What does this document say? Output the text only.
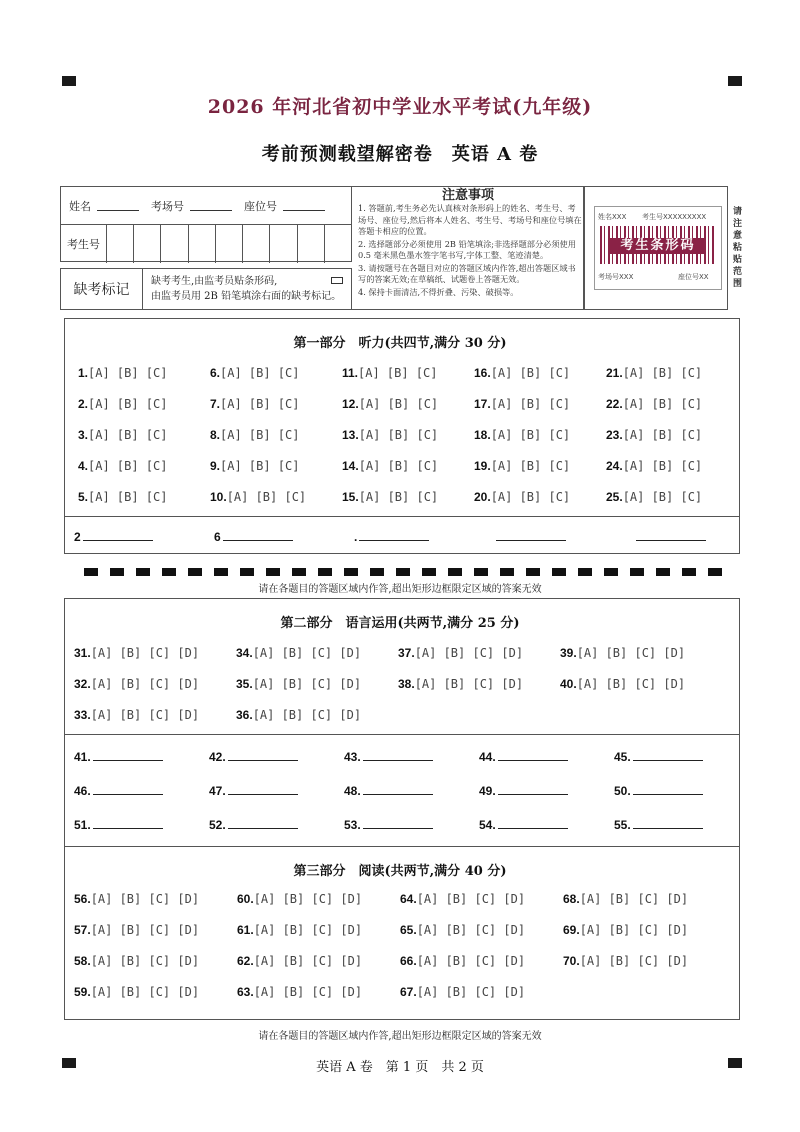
2026 年河北省初中学业水平考试(九年级)
考前预测载望解密卷　英语 A 卷
姓名	考场号	座位号
考生号
缺考标记
缺考考生,由监考员贴条形码,
由监考员用 2B 铅笔填涂右面的缺考标记。
注意事项
1. 答题前,考生务必先认真核对条形码上的姓名、考生号、考场号、座位号,然后将本人姓名、考生号、考场号和座位号填在答题卡相应的位置。
2. 选择题部分必须使用 2B 铅笔填涂;非选择题部分必须使用 0.5 毫米黑色墨水签字笔书写,字体工整、笔迹清楚。
3. 请按题号在各题目对应的答题区域内作答,超出答题区域书写的答案无效;在草稿纸、试题卷上答题无效。
4. 保持卡面清洁,不得折叠、污染、破损等。
姓名XXX 考生号XXXXXXXXX
考生条形码
考场号XXX	座位号XX
请注意粘贴范围
第一部分　听力(共四节,满分 30 分)
1.[A] [B] [C]	6.[A] [B] [C]	11.[A] [B] [C]	16.[A] [B] [C]	21.[A] [B] [C]
2.[A] [B] [C]	7.[A] [B] [C]	12.[A] [B] [C]	17.[A] [B] [C]	22.[A] [B] [C]
3.[A] [B] [C]	8.[A] [B] [C]	13.[A] [B] [C]	18.[A] [B] [C]	23.[A] [B] [C]
4.[A] [B] [C]	9.[A] [B] [C]	14.[A] [B] [C]	19.[A] [B] [C]	24.[A] [B] [C]
5.[A] [B] [C]	10.[A] [B] [C]	15.[A] [B] [C]	20.[A] [B] [C]	25.[A] [B] [C]
2	6	.
请在各题目的答题区域内作答,超出矩形边框限定区域的答案无效
第二部分　语言运用(共两节,满分 25 分)
31.[A] [B] [C] [D]	34.[A] [B] [C] [D]	37.[A] [B] [C] [D]	39.[A] [B] [C] [D]
32.[A] [B] [C] [D]	35.[A] [B] [C] [D]	38.[A] [B] [C] [D]	40.[A] [B] [C] [D]
33.[A] [B] [C] [D]	36.[A] [B] [C] [D]
41.	42.	43.	44.	45.
46.	47.	48.	49.	50.
51.	52.	53.	54.	55.
第三部分　阅读(共两节,满分 40 分)
56.[A] [B] [C] [D]	60.[A] [B] [C] [D]	64.[A] [B] [C] [D]	68.[A] [B] [C] [D]
57.[A] [B] [C] [D]	61.[A] [B] [C] [D]	65.[A] [B] [C] [D]	69.[A] [B] [C] [D]
58.[A] [B] [C] [D]	62.[A] [B] [C] [D]	66.[A] [B] [C] [D]	70.[A] [B] [C] [D]
59.[A] [B] [C] [D]	63.[A] [B] [C] [D]	67.[A] [B] [C] [D]
请在各题目的答题区域内作答,超出矩形边框限定区域的答案无效
英语 A 卷　第 1 页　共 2 页
